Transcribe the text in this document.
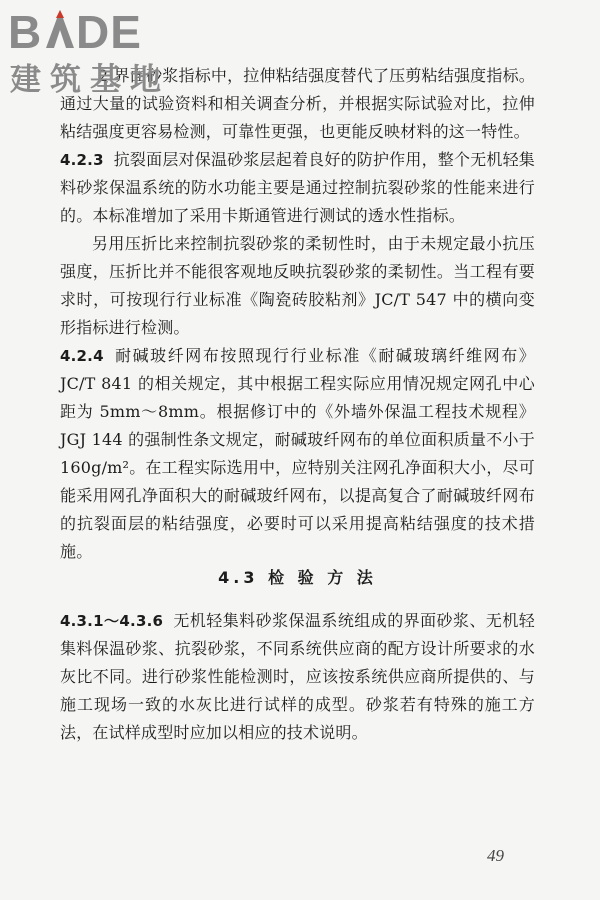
B DE
建筑基地

2 界面砂浆指标中，拉伸粘结强度替代了压剪粘结强度指标。通过大量的试验资料和相关调查分析，并根据实际试验对比，拉伸粘结强度更容易检测，可靠性更强，也更能反映材料的这一特性。

4.2.3 抗裂面层对保温砂浆层起着良好的防护作用，整个无机轻集料砂浆保温系统的防水功能主要是通过控制抗裂砂浆的性能来进行的。本标准增加了采用卡斯通管进行测试的透水性指标。

另用压折比来控制抗裂砂浆的柔韧性时，由于未规定最小抗压强度，压折比并不能很客观地反映抗裂砂浆的柔韧性。当工程有要求时，可按现行行业标准《陶瓷砖胶粘剂》JC/T 547 中的横向变形指标进行检测。

4.2.4 耐碱玻纤网布按照现行行业标准《耐碱玻璃纤维网布》JC/T 841 的相关规定，其中根据工程实际应用情况规定网孔中心距为 5mm～8mm。根据修订中的《外墙外保温工程技术规程》JGJ 144 的强制性条文规定，耐碱玻纤网布的单位面积质量不小于 160g/m²。在工程实际选用中，应特别关注网孔净面积大小，尽可能采用网孔净面积大的耐碱玻纤网布，以提高复合了耐碱玻纤网布的抗裂面层的粘结强度，必要时可以采用提高粘结强度的技术措施。

4.3 检 验 方 法

4.3.1～4.3.6 无机轻集料砂浆保温系统组成的界面砂浆、无机轻集料保温砂浆、抗裂砂浆，不同系统供应商的配方设计所要求的水灰比不同。进行砂浆性能检测时，应该按系统供应商所提供的、与施工现场一致的水灰比进行试样的成型。砂浆若有特殊的施工方法，在试样成型时应加以相应的技术说明。

49
